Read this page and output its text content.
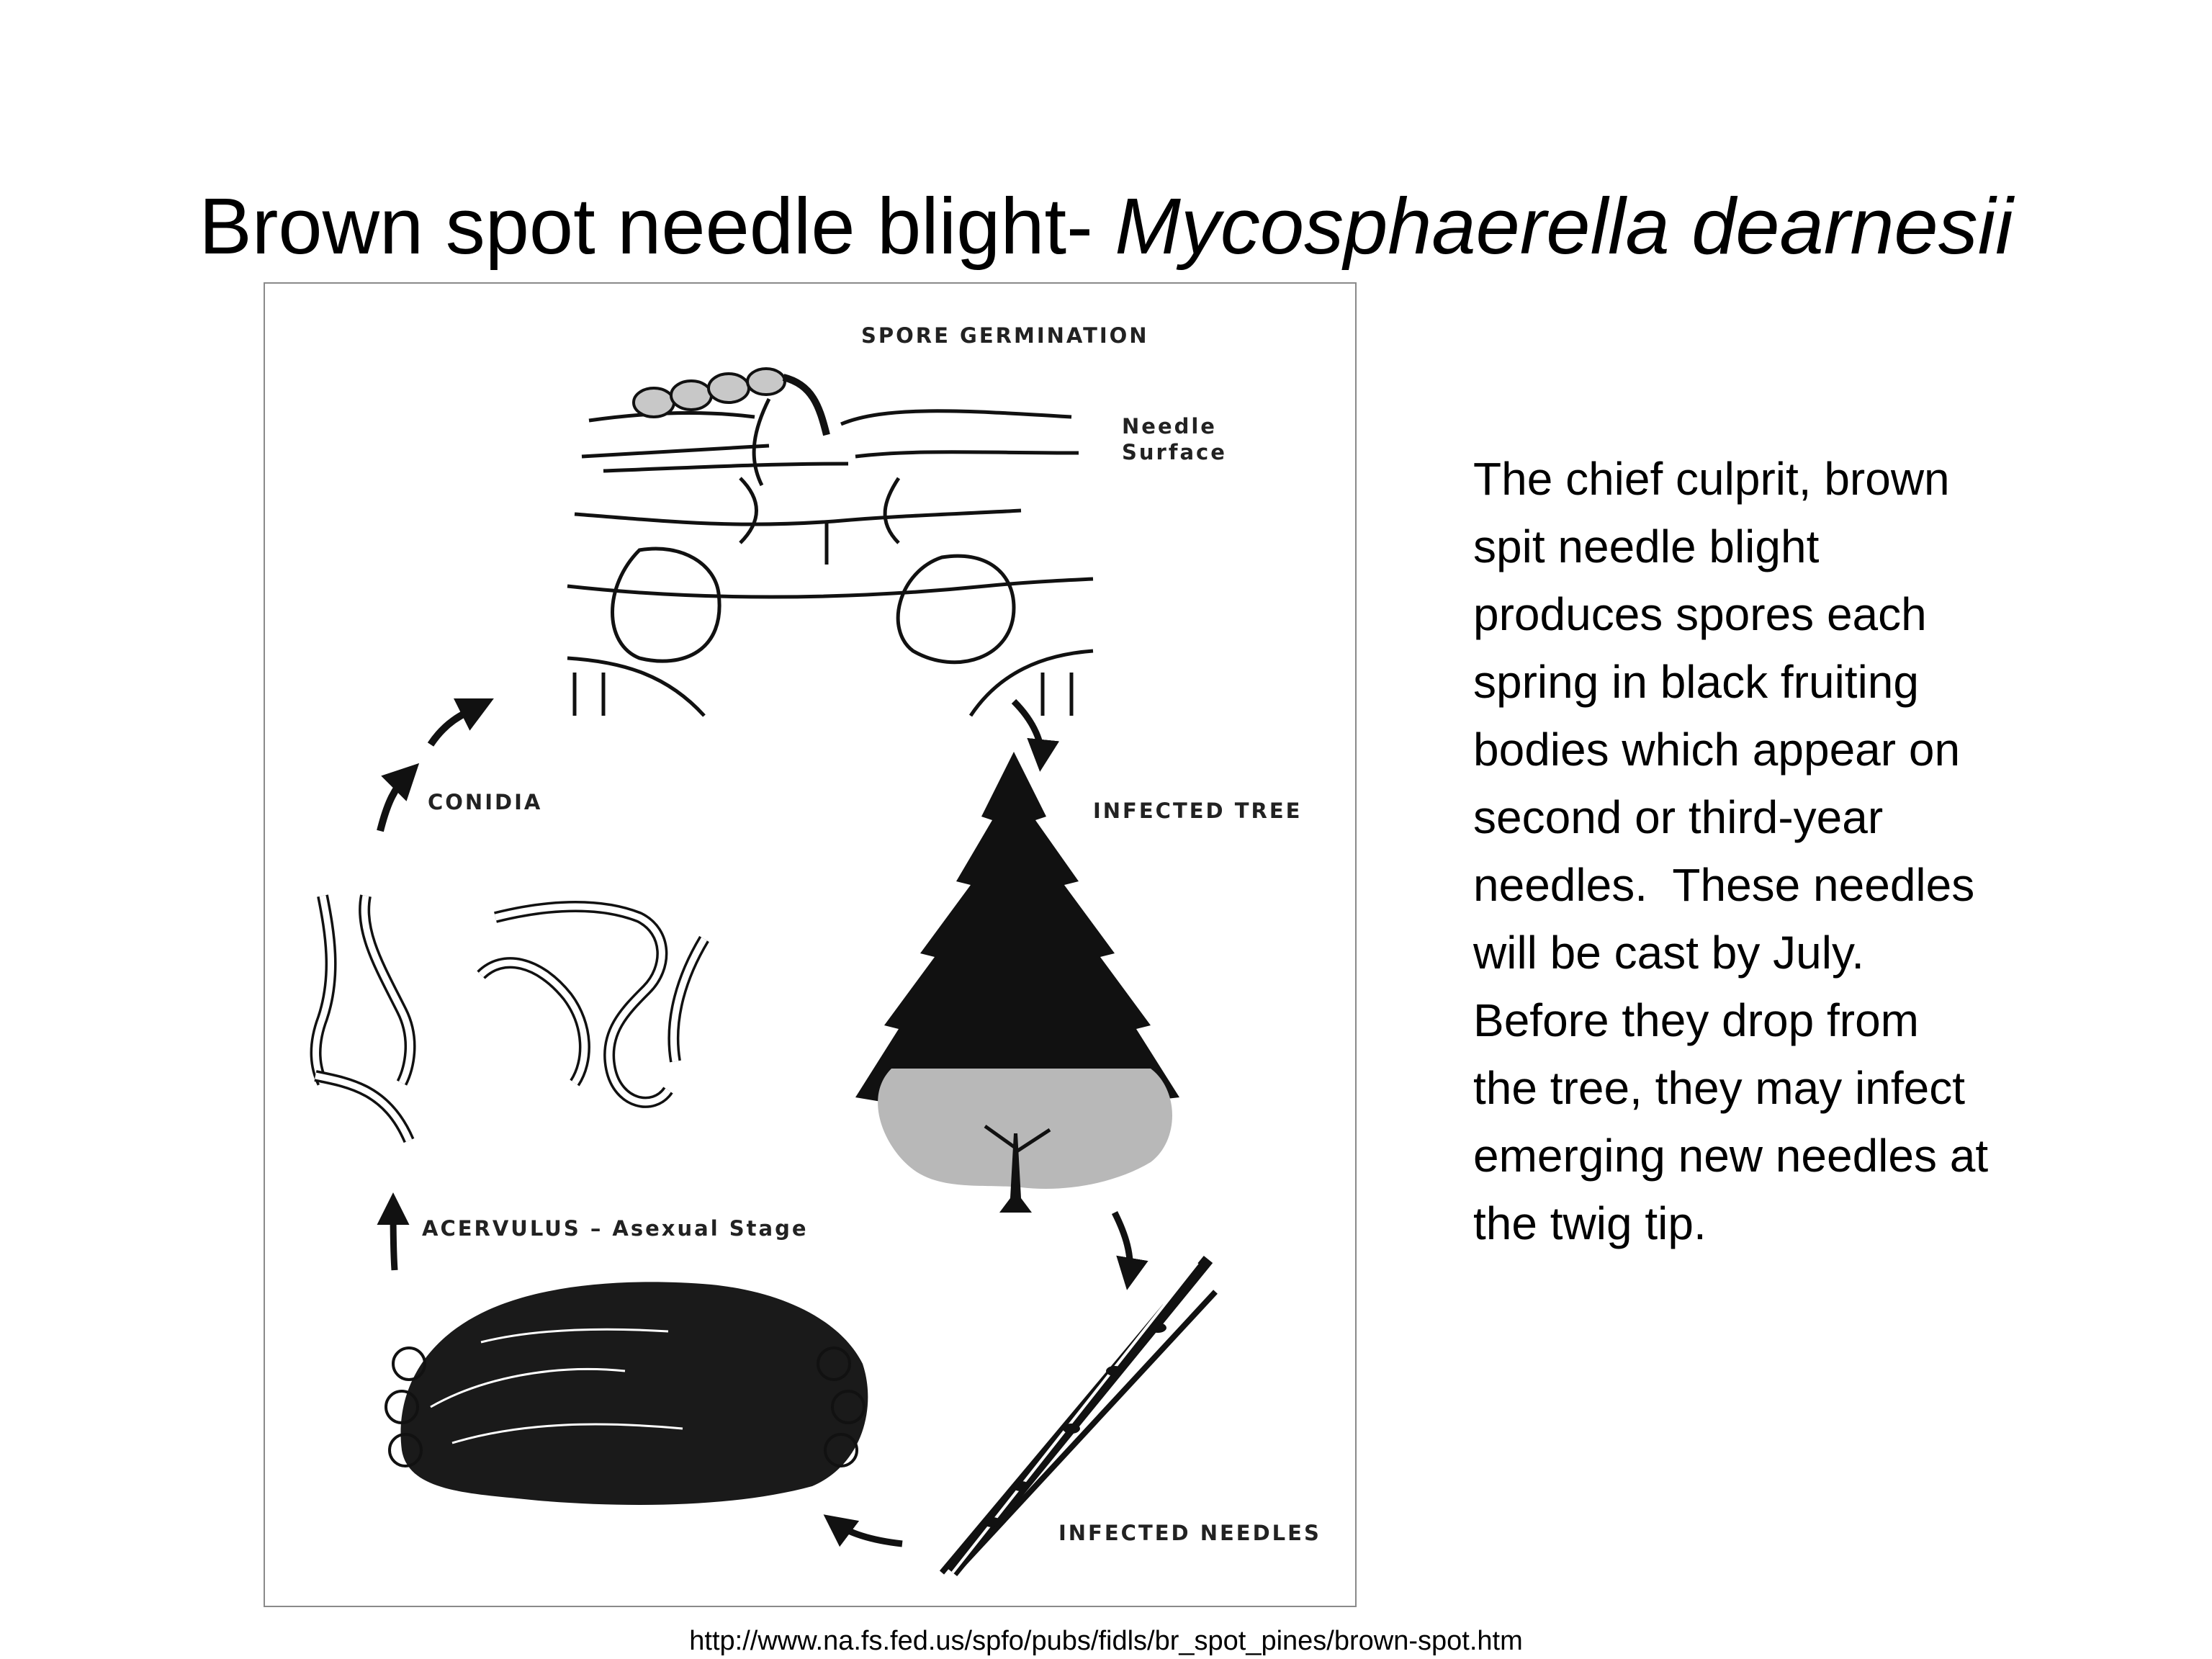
Brown spot needle blight- Mycosphaerella dearnesii
SPORE GERMINATION
Needle
Surface
INFECTED TREE
INFECTED NEEDLES
ACERVULUS – Asexual Stage
CONIDIA

The chief culprit, brown

spit needle blight

produces spores each

spring in black fruiting

bodies which appear on

second or third-year

needles.  These needles

will be cast by July.

Before they drop from

the tree, they may infect

emerging new needles at

the twig tip.

http://www.na.fs.fed.us/spfo/pubs/fidls/br_spot_pines/brown-spot.htm
